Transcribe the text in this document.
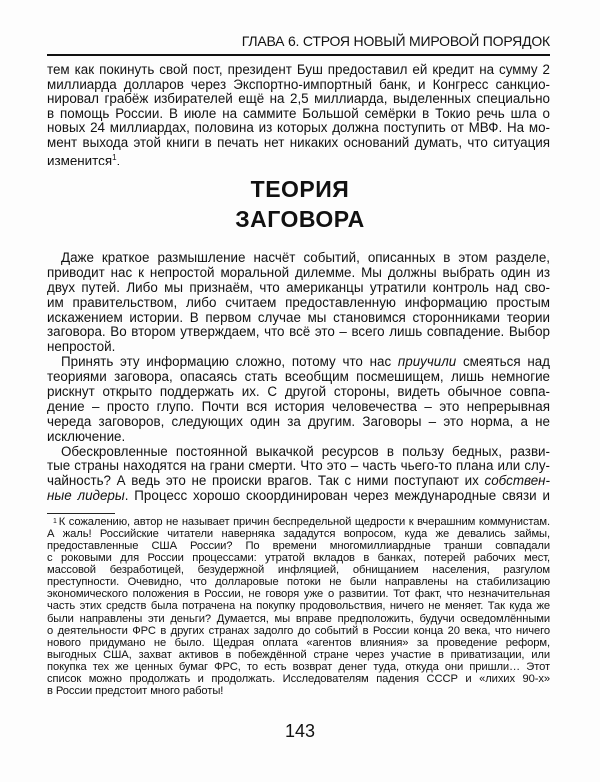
ГЛАВА 6. СТРОЯ НОВЫЙ МИРОВОЙ ПОРЯДОК
тем как покинуть свой пост, президент Буш предоставил ей кредит на сумму 2
миллиарда долларов через Экспортно-импортный банк, и Конгресс санкцио-
нировал грабёж избирателей ещё на 2,5 миллиарда, выделенных специально
в помощь России. В июле на саммите Большой семёрки в Токио речь шла о
новых 24 миллиардах, половина из которых должна поступить от МВФ. На мо-
мент выхода этой книги в печать нет никаких оснований думать, что ситуация
изменится$^1$.
ТЕОРИЯ
ЗАГОВОРА
Даже краткое размышление насчёт событий, описанных в этом разделе,
приводит нас к непростой моральной дилемме. Мы должны выбрать один из
двух путей. Либо мы признаём, что американцы утратили контроль над сво-
им правительством, либо считаем предоставленную информацию простым
искажением истории. В первом случае мы становимся сторонниками теории
заговора. Во втором утверждаем, что всё это – всего лишь совпадение. Выбор
непростой.
Принять эту информацию сложно, потому что нас приучили смеяться над
теориями заговора, опасаясь стать всеобщим посмешищем, лишь немногие
рискнут открыто поддержать их. С другой стороны, видеть обычное совпа-
дение – просто глупо. Почти вся история человечества – это непрерывная
череда заговоров, следующих один за другим. Заговоры – это норма, а не
исключение.
Обескровленные постоянной выкачкой ресурсов в пользу бедных, разви-
тые страны находятся на грани смерти. Что это – часть чьего-то плана или слу-
чайность? А ведь это не происки врагов. Так с ними поступают их собствен-
ные лидеры. Процесс хорошо скоординирован через международные связи и
$^1$ К сожалению, автор не называет причин беспредельной щедрости к вчерашним коммунистам.
А жаль! Российские читатели наверняка зададутся вопросом, куда же девались займы,
предоставленные США России? По времени многомиллиардные транши совпадали
с роковыми для России процессами: утратой вкладов в банках, потерей рабочих мест,
массовой безработицей, безудержной инфляцией, обнищанием населения, разгулом
преступности. Очевидно, что долларовые потоки не были направлены на стабилизацию
экономического положения в России, не говоря уже о развитии. Тот факт, что незначительная
часть этих средств была потрачена на покупку продовольствия, ничего не меняет. Так куда же
были направлены эти деньги? Думается, мы вправе предположить, будучи осведомлёнными
о деятельности ФРС в других странах задолго до событий в России конца 20 века, что ничего
нового придумано не было. Щедрая оплата «агентов влияния» за проведение реформ,
выгодных США, захват активов в побеждённой стране через участие в приватизации, или
покупка тех же ценных бумаг ФРС, то есть возврат денег туда, откуда они пришли… Этот
список можно продолжать и продолжать. Исследователям падения СССР и «лихих 90-х»
в России предстоит много работы!
143
